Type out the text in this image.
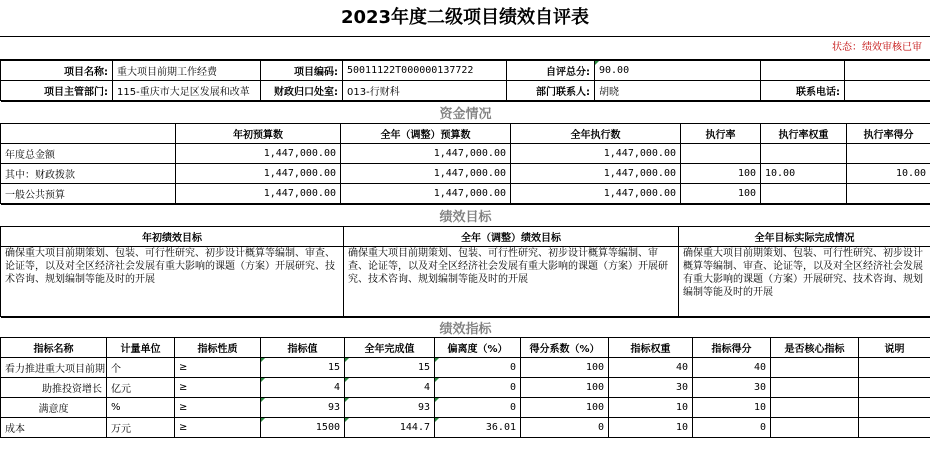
2023年度二级项目绩效自评表
状态：绩效审核已审
项目名称:	重大项目前期工作经费	项目编码:	50011122T000000137722	自评总分:	90.00		
项目主管部门:	115-重庆市大足区发展和改革	财政归口处室:	013-行财科	部门联系人:	胡晓	联系电话:	
资金情况						
	年初预算数	全年（调整）预算数	全年执行数	执行率	执行率权重	执行率得分
年度总金额	1,447,000.00	1,447,000.00	1,447,000.00			
其中：财政拨款	1,447,000.00	1,447,000.00	1,447,000.00	100	10.00	10.00
一般公共预算	1,447,000.00	1,447,000.00	1,447,000.00	100		
绩效目标		
年初绩效目标	全年（调整）绩效目标	全年目标实际完成情况
确保重大项目前期策划、包装、可行性研究、初步设计概算等编制、审查、论证等，以及对全区经济社会发展有重大影响的课题（方案）开展研究、技术咨询、规划编制等能及时的开展	确保重大项目前期策划、包装、可行性研究、初步设计概算等编制、审查、论证等，以及对全区经济社会发展有重大影响的课题（方案）开展研究、技术咨询、规划编制等能及时的开展	确保重大项目前期策划、包装、可行性研究、初步设计概算等编制、审查、论证等，以及对全区经济社会发展有重大影响的课题（方案）开展研究、技术咨询、规划编制等能及时的开展
绩效指标										
指标名称	计量单位	指标性质	指标值	全年完成值	偏离度（%）	得分系数（%）	指标权重	指标得分	是否核心指标	说明
看力推进重大项目前期	个	≥	15	15	0	100	40	40		
助推投资增长	亿元	≥	4	4	0	100	30	30		
满意度	%	≥	93	93	0	100	10	10		
成本	万元	≥	1500	144.7	36.01	0	10	0		
